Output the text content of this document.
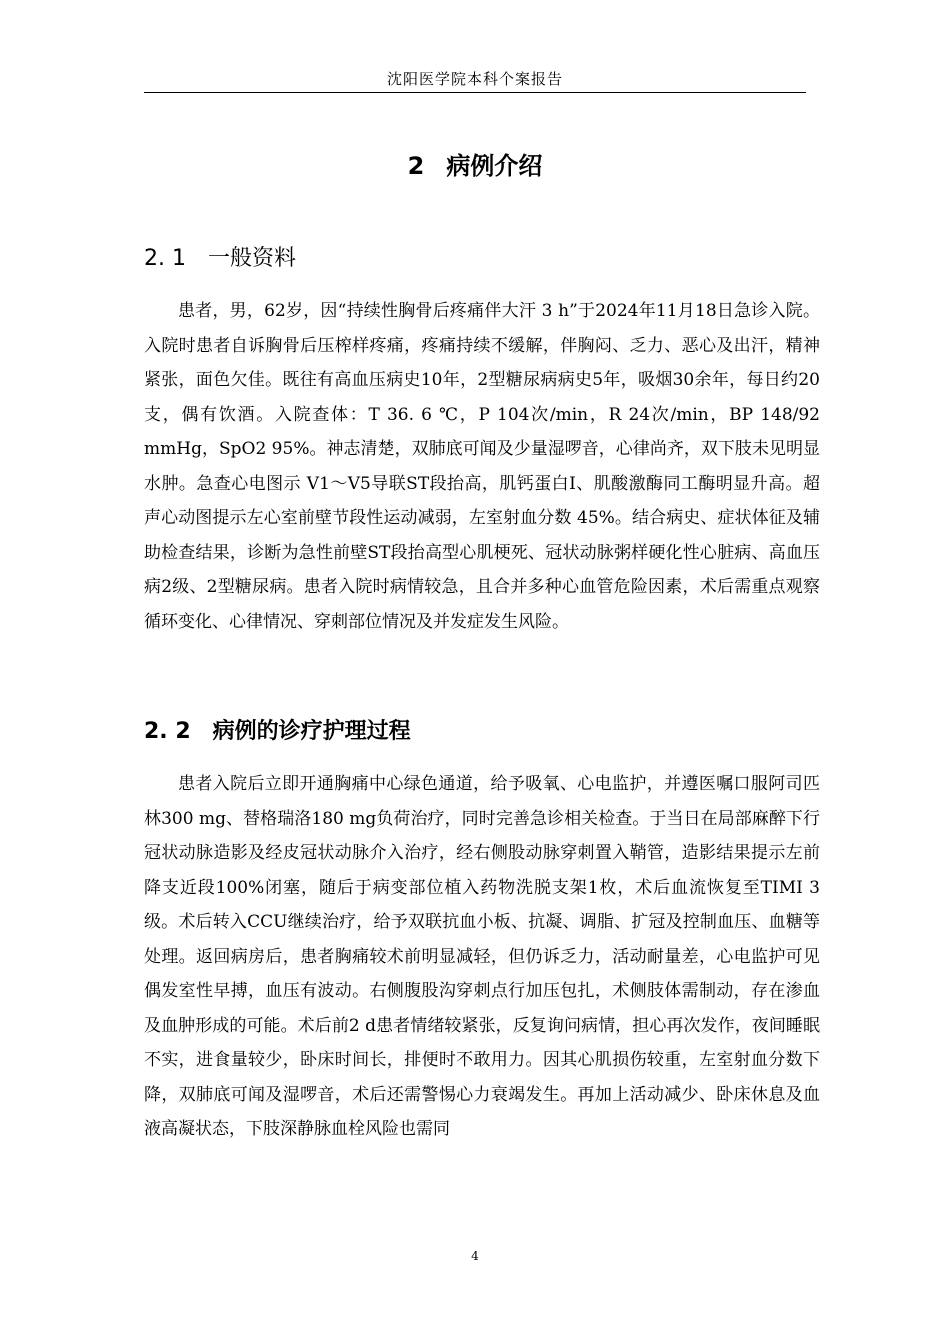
沈阳医学院本科个案报告
2 病例介绍
2. 1 一般资料

患者，男，62岁，因“持续性胸骨后疼痛伴大汗 3 h”于2024年11月18日急诊入院。入院时患者自诉胸骨后压榨样疼痛，疼痛持续不缓解，伴胸闷、乏力、恶心及出汗，精神紧张，面色欠佳。既往有高血压病史10年，2型糖尿病病史5年，吸烟30余年，每日约20支，偶有饮酒。入院查体：T 36. 6 ℃，P 104次/min，R 24次/min，BP 148/92 mmHg，SpO2 95%。神志清楚，双肺底可闻及少量湿啰音，心律尚齐，双下肢未见明显水肿。急查心电图示 V1～V5导联ST段抬高，肌钙蛋白I、肌酸激酶同工酶明显升高。超声心动图提示左心室前壁节段性运动减弱，左室射血分数 45%。结合病史、症状体征及辅助检查结果，诊断为急性前壁ST段抬高型心肌梗死、冠状动脉粥样硬化性心脏病、高血压病2级、2型糖尿病。患者入院时病情较急，且合并多种心血管危险因素，术后需重点观察循环变化、心律情况、穿刺部位情况及并发症发生风险。

2. 2 病例的诊疗护理过程

患者入院后立即开通胸痛中心绿色通道，给予吸氧、心电监护，并遵医嘱口服阿司匹林300 mg、替格瑞洛180 mg负荷治疗，同时完善急诊相关检查。于当日在局部麻醉下行冠状动脉造影及经皮冠状动脉介入治疗，经右侧股动脉穿刺置入鞘管，造影结果提示左前降支近段100%闭塞，随后于病变部位植入药物洗脱支架1枚，术后血流恢复至TIMI 3级。术后转入CCU继续治疗，给予双联抗血小板、抗凝、调脂、扩冠及控制血压、血糖等处理。返回病房后，患者胸痛较术前明显减轻，但仍诉乏力，活动耐量差，心电监护可见偶发室性早搏，血压有波动。右侧腹股沟穿刺点行加压包扎，术侧肢体需制动，存在渗血及血肿形成的可能。术后前2 d患者情绪较紧张，反复询问病情，担心再次发作，夜间睡眠不实，进食量较少，卧床时间长，排便时不敢用力。因其心肌损伤较重，左室射血分数下降，双肺底可闻及湿啰音，术后还需警惕心力衰竭发生。再加上活动减少、卧床休息及血液高凝状态，下肢深静脉血栓风险也需同

4
